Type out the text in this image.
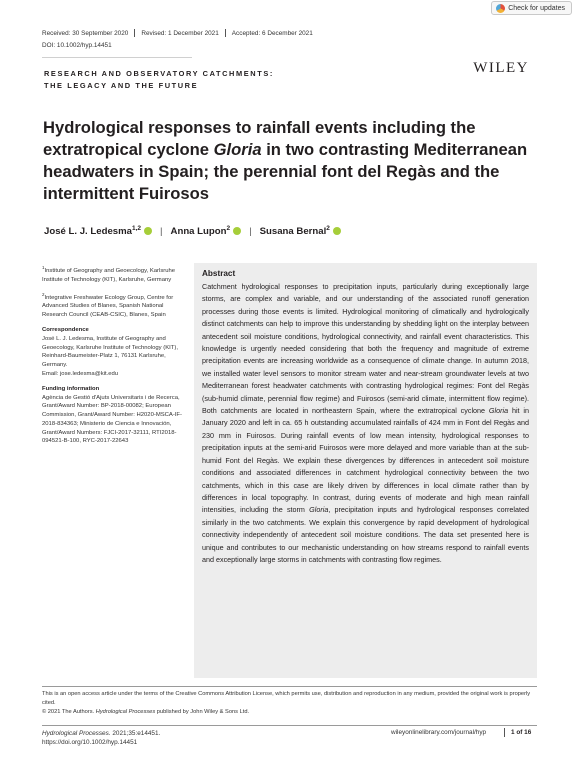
Check for updates
Received: 30 September 2020 Revised: 1 December 2021 Accepted: 6 December 2021
DOI: 10.1002/hyp.14451
RESEARCH AND OBSERVATORY CATCHMENTS:
THE LEGACY AND THE FUTURE
WILEY
Hydrological responses to rainfall events including the extratropical cyclone Gloria in two contrasting Mediterranean headwaters in Spain; the perennial font del Regàs and the intermittent Fuirosos
José L. J. Ledesma$^{1,2}$ | Anna Lupon$^2$ | Susana Bernal$^2$
$^1$Institute of Geography and Geoecology, Karlsruhe Institute of Technology (KIT), Karlsruhe, Germany
$^2$Integrative Freshwater Ecology Group, Centre for Advanced Studies of Blanes, Spanish National Research Council (CEAB-CSIC), Blanes, Spain
Correspondence
José L. J. Ledesma, Institute of Geography and Geoecology, Karlsruhe Institute of Technology (KIT), Reinhard-Baumeister-Platz 1, 76131 Karlsruhe, Germany.
Email: jose.ledesma@kit.edu
Funding information
Agència de Gestió d'Ajuts Universitaris i de Recerca, Grant/Award Number: BP-2018-00082; European Commission, Grant/Award Number: H2020-MSCA-IF-2018-834363; Ministerio de Ciencia e Innovación, Grant/Award Numbers: FJCI-2017-32111, RTI2018-094521-B-100, RYC-2017-22643
Abstract

Catchment hydrological responses to precipitation inputs, particularly during exceptionally large storms, are complex and variable, and our understanding of the associated runoff generation processes during those events is limited. Hydrological monitoring of climatically and hydrologically distinct catchments can help to improve this understanding by shedding light on the interplay between antecedent soil moisture conditions, hydrological connectivity, and rainfall event characteristics. This knowledge is urgently needed considering that both the frequency and magnitude of extreme precipitation events are increasing worldwide as a consequence of climate change. In autumn 2018, we installed water level sensors to monitor stream water and near-stream groundwater levels at two Mediterranean forest headwater catchments with contrasting hydrological regimes: Font del Regàs (sub-humid climate, perennial flow regime) and Fuirosos (semi-arid climate, intermittent flow regime). Both catchments are located in northeastern Spain, where the extratropical cyclone Gloria hit in January 2020 and left in ca. 65 h outstanding accumulated rainfalls of 424 mm in Font del Regàs and 230 mm in Fuirosos. During rainfall events of low mean intensity, hydrological responses to precipitation inputs at the semi-arid Fuirosos were more delayed and more variable than at the sub-humid Font del Regàs. We explain these divergences by differences in antecedent soil moisture conditions and associated differences in catchment hydrological connectivity between the two catchments, which in this case are likely driven by differences in local climate rather than by differences in local topography. In contrast, during events of moderate and high mean rainfall intensities, including the storm Gloria, precipitation inputs and hydrological responses correlated similarly in the two catchments. We explain this convergence by rapid development of hydrological connectivity independently of antecedent soil moisture conditions. The data set presented here is unique and contributes to our mechanistic understanding on how streams respond to rainfall events and exceptionally large storms in catchments with contrasting flow regimes.

This is an open access article under the terms of the Creative Commons Attribution License, which permits use, distribution and reproduction in any medium, provided the original work is properly cited.
© 2021 The Authors. Hydrological Processes published by John Wiley & Sons Ltd.
Hydrological Processes. 2021;35:e14451.
https://doi.org/10.1002/hyp.14451
wileyonlinelibrary.com/journal/hyp	1 of 16
